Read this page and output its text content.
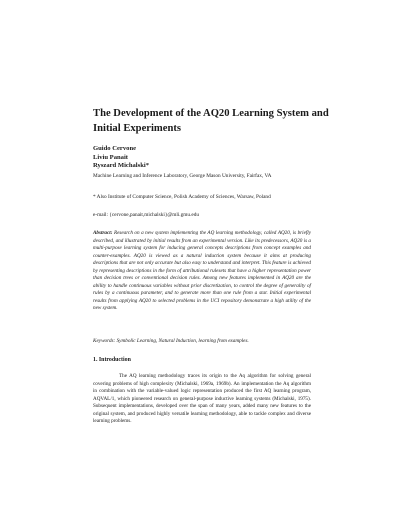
The Development of the AQ20 Learning System and Initial Experiments
Guido Cervone
Liviu Panait
Ryszard Michalski*
Machine Learning and Inference Laboratory, George Mason University, Fairfax, VA
* Also Institute of Computer Science, Polish Academy of Sciences, Warsaw, Poland
e-mail: {cervone,panait,michalski}@mli.gmu.edu

Abstract: Research on a new system implementing the AQ learning methodology, called AQ20, is briefly described, and illustrated by initial results from an experimental version. Like its predecessors, AQ20 is a multi-purpose learning system for inducing general concepts descriptions from concept examples and counter-examples. AQ20 is viewed as a natural induction system because it aims at producing descriptions that are not only accurate but also easy to understand and interpret. This feature is achieved by representing descriptions in the form of attributional rulesets that have a higher representation power than decision trees or conventional decision rules. Among new features implemented in AQ20 are the ability to handle continuous variables without prior discretization, to control the degree of generality of rules by a continuous parameter, and to generate more than one rule from a star. Initial experimental results from applying AQ20 to selected problems in the UCI repository demonstrate a high utility of the new system.

Keywords: Symbolic Learning, Natural Induction, learning from examples.
1. Introduction

The AQ learning methodology traces its origin to the Aq algorithm for solving general covering problems of high complexity (Michalski, 1969a, 1969b). An implementation the Aq algorithm in combination with the variable-valued logic representation produced the first AQ learning program, AQVAL/1, which pioneered research on general-purpose inductive learning systems (Michalski, 1975). Subsequent implementations, developed over the span of many years, added many new features to the original system, and produced highly versatile learning methodology, able to tackle complex and diverse learning problems.
